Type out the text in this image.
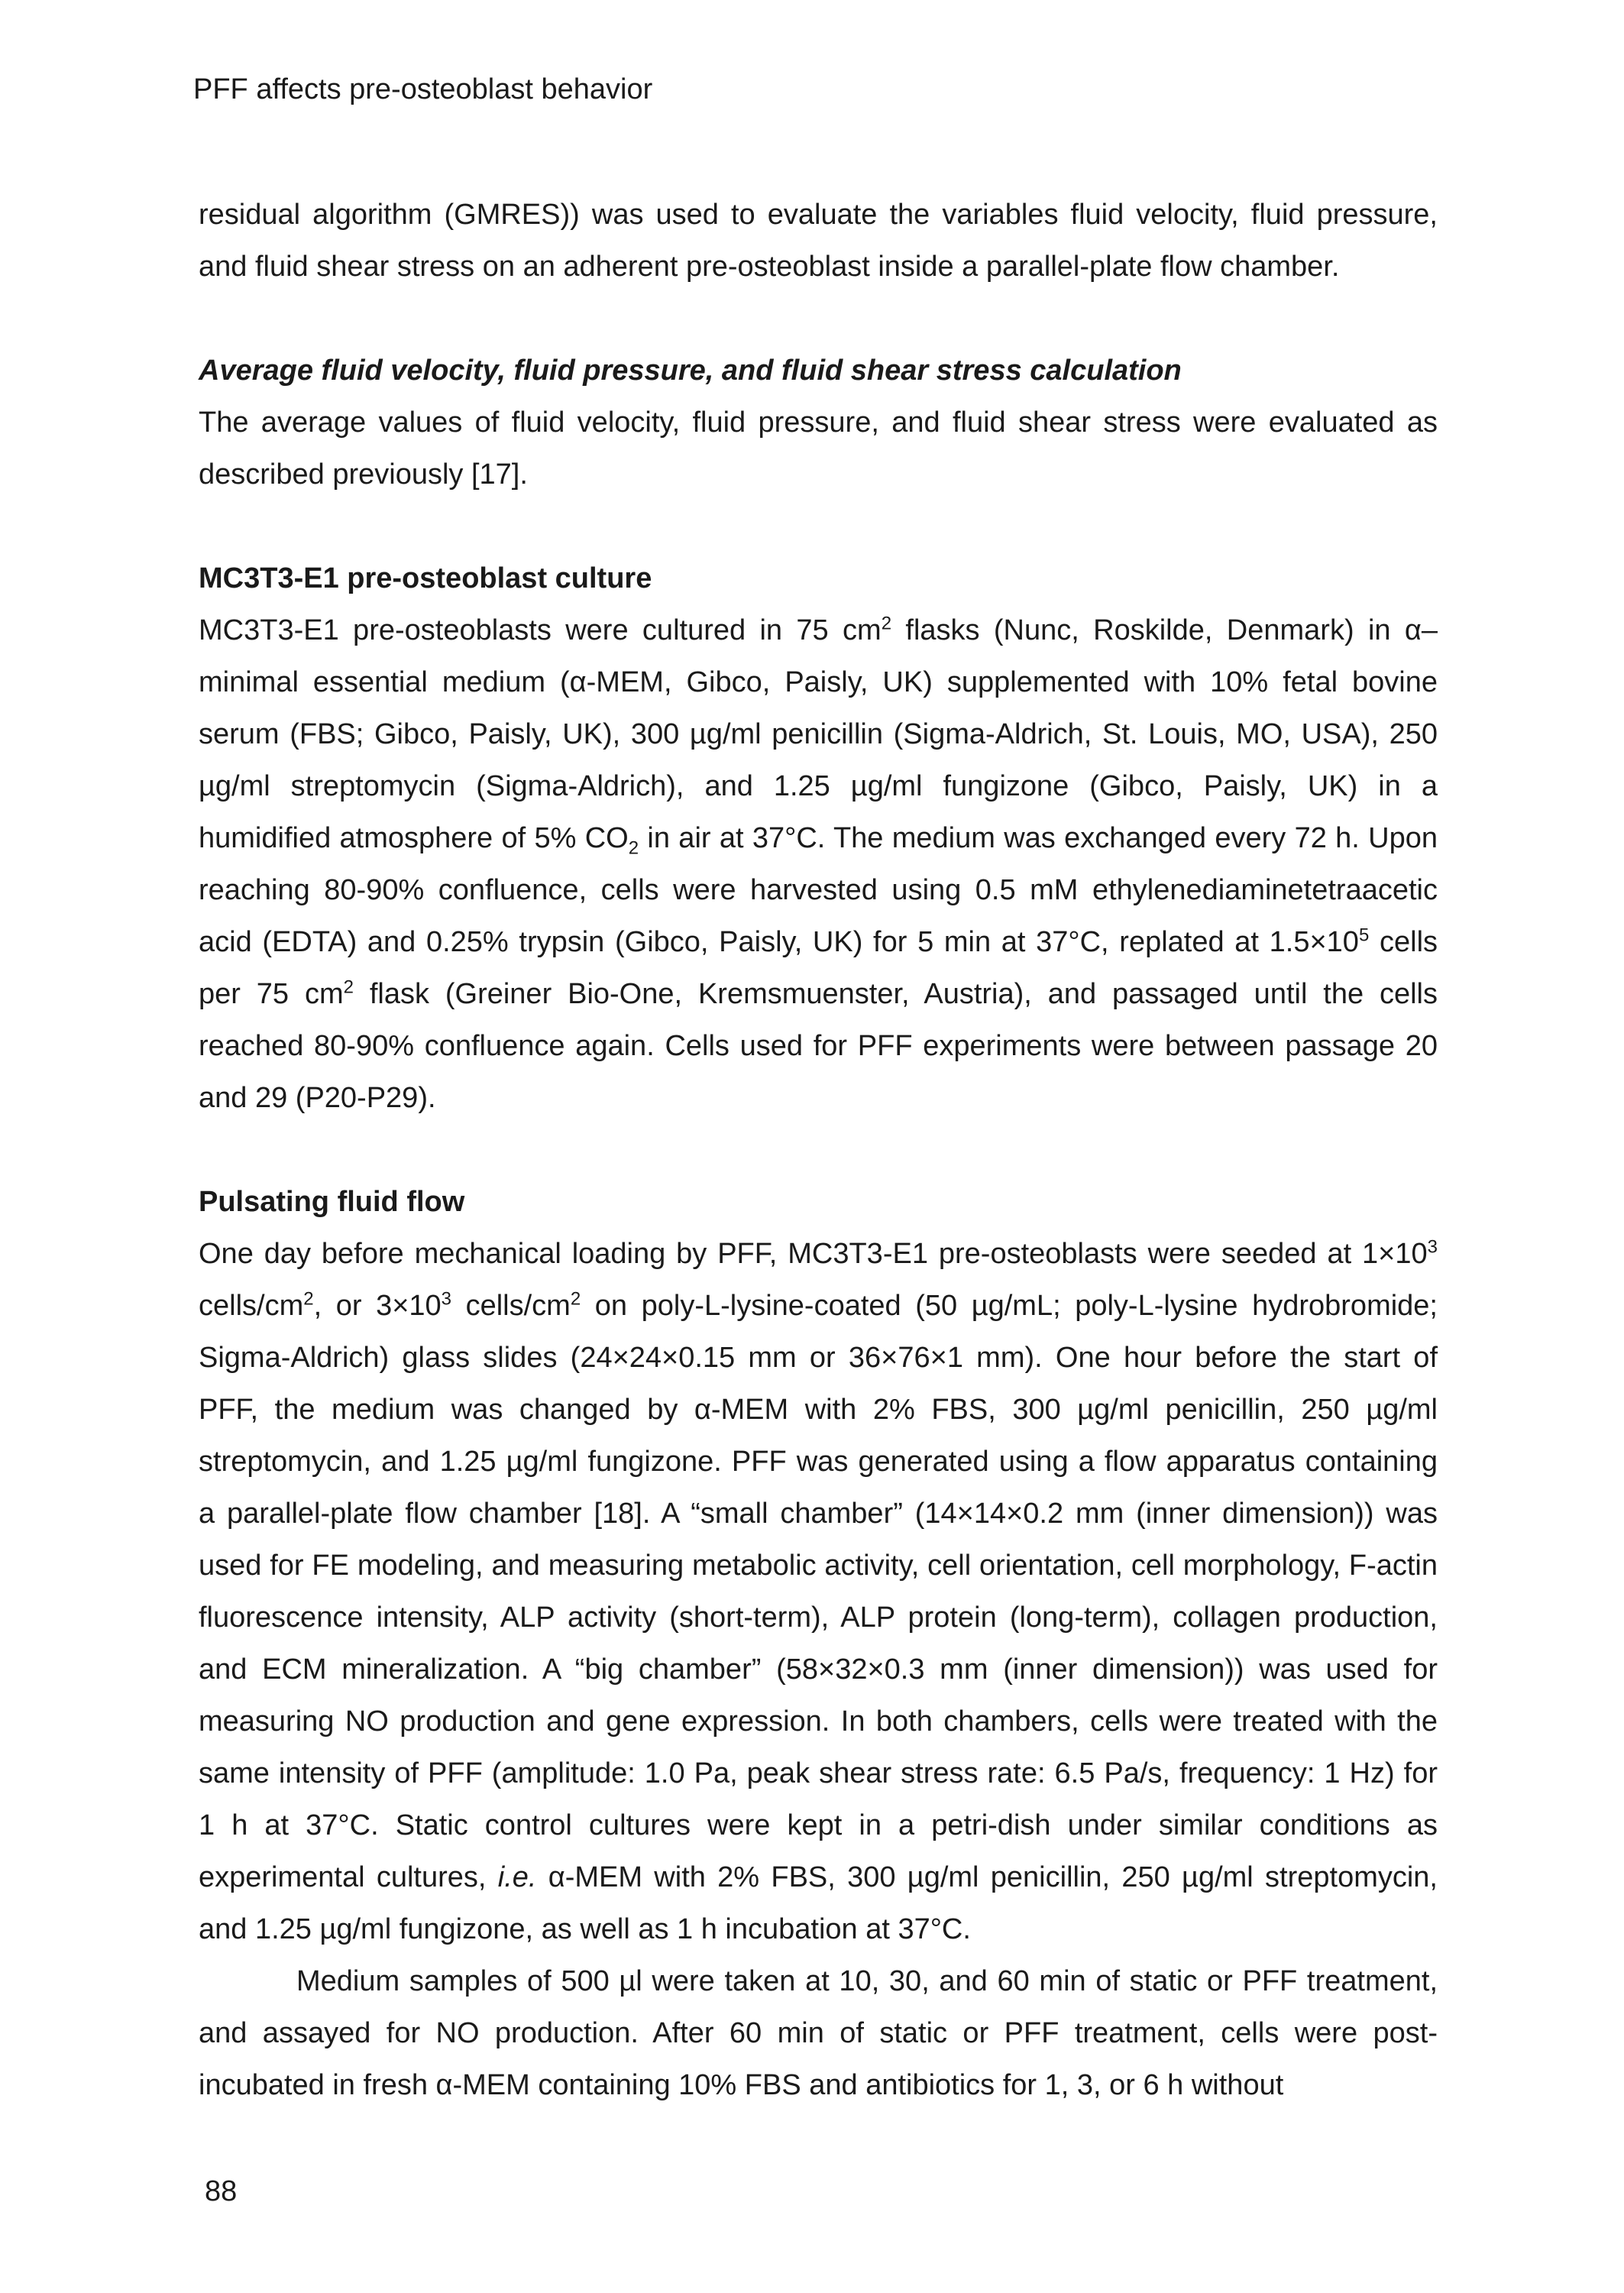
PFF affects pre-osteoblast behavior

residual algorithm (GMRES)) was used to evaluate the variables fluid velocity, fluid pressure, and fluid shear stress on an adherent pre-osteoblast inside a parallel-plate flow chamber.

Average fluid velocity, fluid pressure, and fluid shear stress calculation

The average values of fluid velocity, fluid pressure, and fluid shear stress were evaluated as described previously [17].

MC3T3-E1 pre-osteoblast culture

MC3T3-E1 pre-osteoblasts were cultured in 75 $cm^2$ flasks (Nunc, Roskilde, Denmark) in α–minimal essential medium (α-MEM, Gibco, Paisly, UK) supplemented with 10% fetal bovine serum (FBS; Gibco, Paisly, UK), 300 µg/ml penicillin (Sigma-Aldrich, St. Louis, MO, USA), 250 µg/ml streptomycin (Sigma-Aldrich), and 1.25 µg/ml fungizone (Gibco, Paisly, UK) in a humidified atmosphere of 5% $CO_2$ in air at 37°C. The medium was exchanged every 72 h. Upon reaching 80-90% confluence, cells were harvested using 0.5 mM ethylenediaminetetraacetic acid (EDTA) and 0.25% trypsin (Gibco, Paisly, UK) for 5 min at 37°C, replated at $1.5\times 10^5$ cells per 75 $cm^2$ flask (Greiner Bio-One, Kremsmuenster, Austria), and passaged until the cells reached 80-90% confluence again. Cells used for PFF experiments were between passage 20 and 29 (P20-P29).

Pulsating fluid flow

One day before mechanical loading by PFF, MC3T3-E1 pre-osteoblasts were seeded at $1\times 10^3$ cells/$cm^2$, or $3\times 10^3$ cells/$cm^2$ on poly-L-lysine-coated (50 µg/mL; poly-L-lysine hydrobromide; Sigma-Aldrich) glass slides (24×24×0.15 mm or 36×76×1 mm). One hour before the start of PFF, the medium was changed by α-MEM with 2% FBS, 300 µg/ml penicillin, 250 µg/ml streptomycin, and 1.25 µg/ml fungizone. PFF was generated using a flow apparatus containing a parallel-plate flow chamber [18]. A “small chamber” (14×14×0.2 mm (inner dimension)) was used for FE modeling, and measuring metabolic activity, cell orientation, cell morphology, F-actin fluorescence intensity, ALP activity (short-term), ALP protein (long-term), collagen production, and ECM mineralization. A “big chamber” (58×32×0.3 mm (inner dimension)) was used for measuring NO production and gene expression. In both chambers, cells were treated with the same intensity of PFF (amplitude: 1.0 Pa, peak shear stress rate: 6.5 Pa/s, frequency: 1 Hz) for 1 h at 37°C. Static control cultures were kept in a petri-dish under similar conditions as experimental cultures, i.e. α-MEM with 2% FBS, 300 µg/ml penicillin, 250 µg/ml streptomycin, and 1.25 µg/ml fungizone, as well as 1 h incubation at 37°C.

Medium samples of 500 µl were taken at 10, 30, and 60 min of static or PFF treatment, and assayed for NO production. After 60 min of static or PFF treatment, cells were post-incubated in fresh α-MEM containing 10% FBS and antibiotics for 1, 3, or 6 h without

88
